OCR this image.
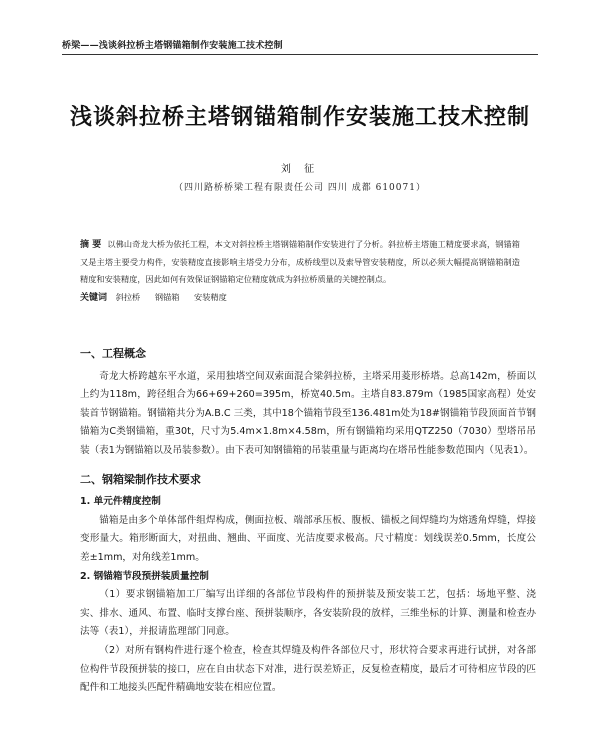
桥梁——浅谈斜拉桥主塔钢锚箱制作安装施工技术控制
浅谈斜拉桥主塔钢锚箱制作安装施工技术控制
刘 征
（四川路桥桥梁工程有限责任公司 四川 成都 610071）
摘 要 以佛山奇龙大桥为依托工程，本文对斜拉桥主塔钢锚箱制作安装进行了分析。斜拉桥主塔施工精度要求高，钢锚箱又是主塔主要受力构件，安装精度直接影响主塔受力分布，成桥线型以及索导管安装精度，所以必须大幅提高钢锚箱制造精度和安装精度，因此如何有效保证钢锚箱定位精度就成为斜拉桥质量的关键控制点。
关键词 斜拉桥 钢锚箱 安装精度
一、工程概念

奇龙大桥跨越东平水道，采用独塔空间双索面混合梁斜拉桥，主塔采用菱形桥塔。总高142m，桥面以上约为118m，跨径组合为66+69+260=395m，桥宽40.5m。主塔自83.879m（1985国家高程）处安装首节钢锚箱。钢锚箱共分为A.B.C 三类，其中18个锚箱节段至136.481m处为18#钢锚箱节段顶面首节钢锚箱为C类钢锚箱，重30t，尺寸为5.4m×1.8m×4.58m，所有钢锚箱均采用QTZ250（7030）型塔吊吊装（表1为钢锚箱以及吊装参数）。由下表可知钢锚箱的吊装重量与距离均在塔吊性能参数范围内（见表1）。

二、钢箱梁制作技术要求
1. 单元件精度控制

锚箱是由多个单体部件组焊构成，侧面拉板、端部承压板、腹板、锚板之间焊缝均为熔透角焊缝，焊接变形量大。箱形断面大，对扭曲、翘曲、平面度、光洁度要求极高。尺寸精度：划线误差0.5mm，长度公差±1mm，对角线差1mm。

2. 钢锚箱节段预拼装质量控制

（1）要求钢锚箱加工厂编写出详细的各部位节段构件的预拼装及预安装工艺，包括：场地平整、浇实、排水、通风、布置、临时支撑台座、预拼装顺序，各安装阶段的放样，三维坐标的计算、测量和检查办法等（表1），并报请监理部门同意。

（2）对所有钢构件进行逐个检查，检查其焊缝及构件各部位尺寸，形状符合要求再进行试拼，对各部位构件节段预拼装的接口，应在自由状态下对准，进行误差矫正，反复检查精度，最后才可待相应节段的匹配件和工地接头匹配件精确地安装在相应位置。
